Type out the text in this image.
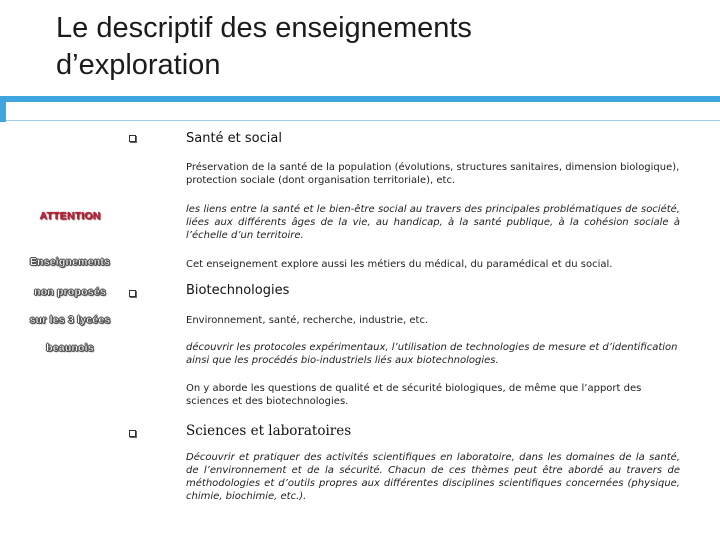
Le descriptif des enseignements
d’exploration
ATTENTION
Enseignements
non proposés
sur les 3 lycées
beaunois
Santé et social
Préservation de la santé de la population (évolutions, structures sanitaires, dimension biologique), protection sociale (dont organisation territoriale), etc.
les liens entre la santé et le bien-être social au travers des principales problématiques de société, liées aux différents âges de la vie, au handicap, à la santé publique, à la cohésion sociale à l’échelle d’un territoire.
Cet enseignement explore aussi les métiers du médical, du paramédical et du social.
Biotechnologies
Environnement, santé, recherche, industrie, etc.
découvrir les protocoles expérimentaux, l’utilisation de technologies de mesure et d’identification ainsi que les procédés bio-industriels liés aux biotechnologies.
On y aborde les questions de qualité et de sécurité biologiques, de même que l’apport des sciences et des biotechnologies.
Sciences et laboratoires
Découvrir et pratiquer des activités scientifiques en laboratoire, dans les domaines de la santé, de l’environnement et de la sécurité. Chacun de ces thèmes peut être abordé au travers de méthodologies et d’outils propres aux différentes disciplines scientifiques concernées (physique, chimie, biochimie, etc.).
